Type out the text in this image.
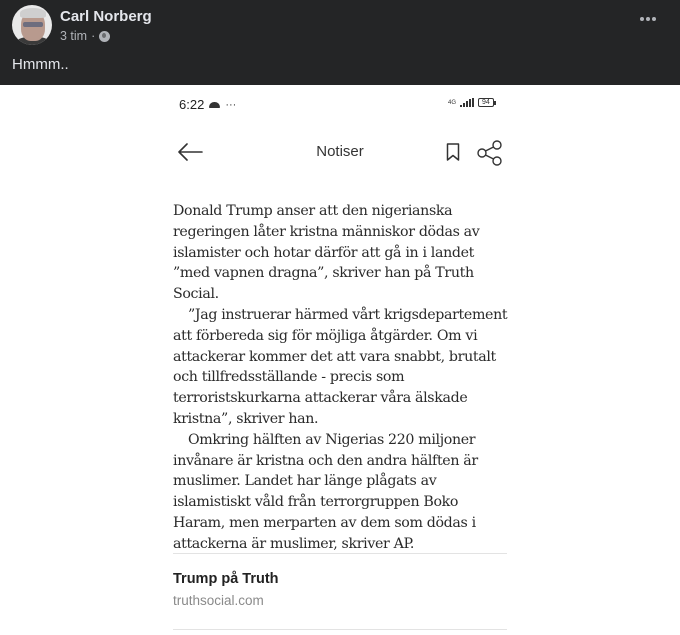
Carl Norberg
3 tim ·
Hmmm..
6:22 ···	4G	94
Notiser

Donald Trump anser att den nigerianska regeringen låter kristna människor dödas av islamister och hotar därför att gå in i landet ”med vapnen dragna”, skriver han på Truth Social.

”Jag instruerar härmed vårt krigsdepartement att förbereda sig för möjliga åtgärder. Om vi attackerar kommer det att vara snabbt, brutalt och tillfredsställande - precis som terroristskurkarna attackerar våra älskade kristna”, skriver han.

Omkring hälften av Nigerias 220 miljoner invånare är kristna och den andra hälften är muslimer. Landet har länge plågats av islamistiskt våld från terrorgruppen Boko Haram, men merparten av dem som dödas i attackerna är muslimer, skriver AP.

Trump på Truth
truthsocial.com
